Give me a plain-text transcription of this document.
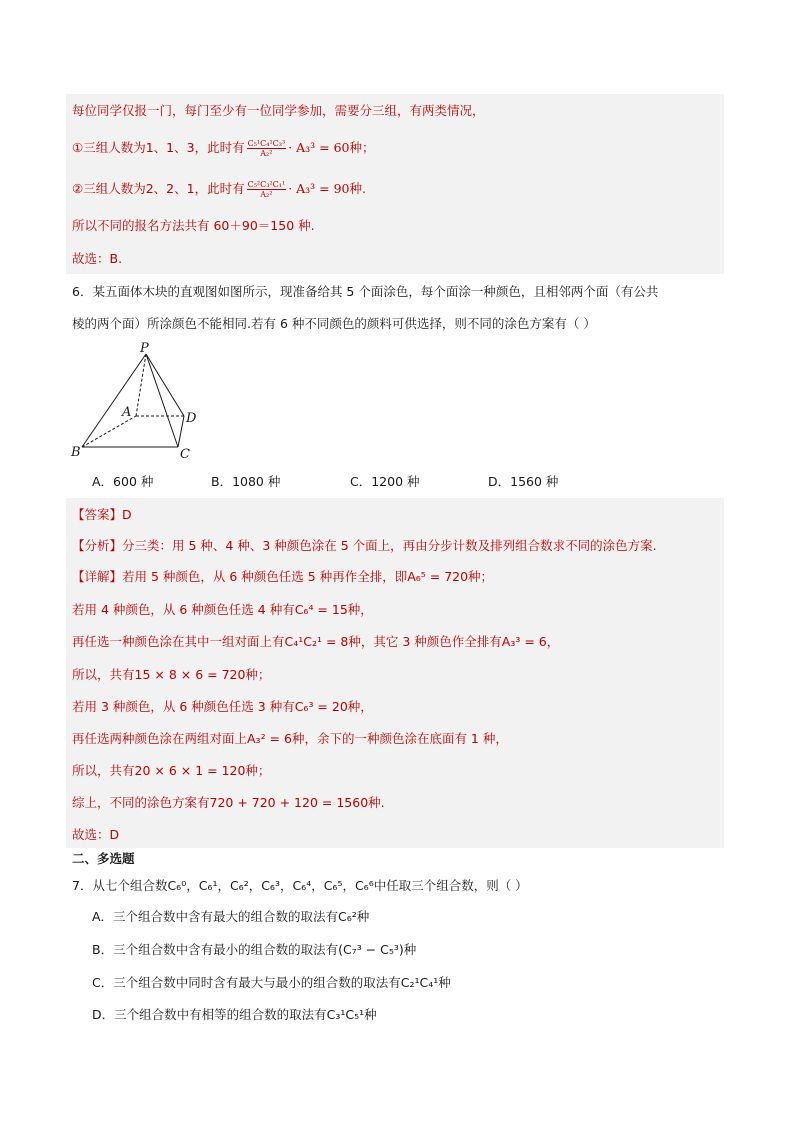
每位同学仅报一门，每门至少有一位同学参加，需要分三组，有两类情况，
①三组人数为1、1、3，此时有 $\frac{\text{C₅¹C₄¹C₃³}}{\text{A₂²}} \cdot A_3^3 = 60$种；
②三组人数为2、2、1，此时有 $\frac{\text{C₅²C₃²C₁¹}}{\text{A₂²}} \cdot A_3^3 = 90$种.
所以不同的报名方法共有 60＋90＝150 种.
故选：B.
6．某五面体木块的直观图如图所示，现准备给其 5 个面涂色，每个面涂一种颜色，且相邻两个面（有公共
棱的两个面）所涂颜色不能相同.若有 6 种不同颜色的颜料可供选择，则不同的涂色方案有（ ）
P
A	D
B	C
A．600 种	B．1080 种	C．1200 种	D．1560 种
【答案】D
【分析】分三类：用 5 种、4 种、3 种颜色涂在 5 个面上，再由分步计数及排列组合数求不同的涂色方案.
【详解】若用 5 种颜色，从 6 种颜色任选 5 种再作全排，即A₆⁵ = 720种；
若用 4 种颜色，从 6 种颜色任选 4 种有C₆⁴ = 15种，
再任选一种颜色涂在其中一组对面上有C₄¹C₂¹ = 8种，其它 3 种颜色作全排有A₃³ = 6，
所以，共有15 × 8 × 6 = 720种；
若用 3 种颜色，从 6 种颜色任选 3 种有C₆³ = 20种，
再任选两种颜色涂在两组对面上A₃² = 6种，余下的一种颜色涂在底面有 1 种，
所以，共有20 × 6 × 1 = 120种；
综上，不同的涂色方案有720 + 720 + 120 = 1560种.
故选：D
二、多选题
7．从七个组合数C₆⁰，C₆¹，C₆²，C₆³，C₆⁴，C₆⁵，C₆⁶中任取三个组合数，则（ ）
A．三个组合数中含有最大的组合数的取法有C₆²种
B．三个组合数中含有最小的组合数的取法有(C₇³ − C₅³)种
C．三个组合数中同时含有最大与最小的组合数的取法有C₂¹C₄¹种
D．三个组合数中有相等的组合数的取法有C₃¹C₅¹种
